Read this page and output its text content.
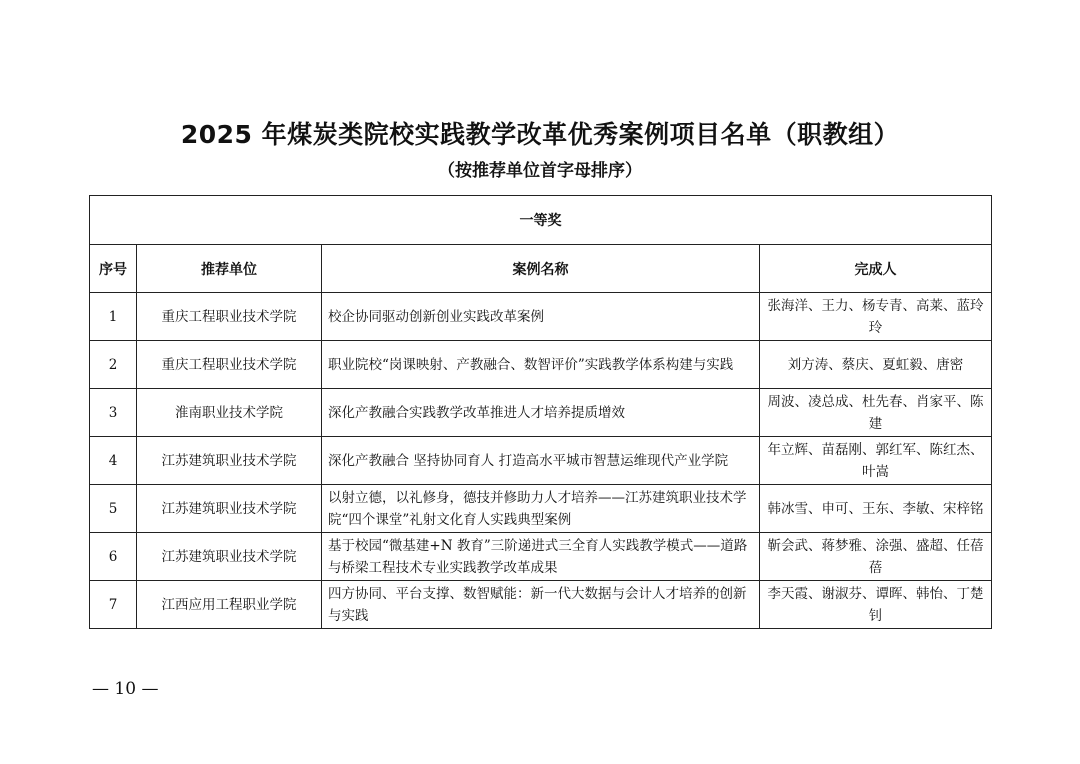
2025 年煤炭类院校实践教学改革优秀案例项目名单（职教组）
（按推荐单位首字母排序）
一等奖			
序号	推荐单位	案例名称	完成人
1	重庆工程职业技术学院	校企协同驱动创新创业实践改革案例	张海洋、王力、杨专青、高莱、蓝玲玲
2	重庆工程职业技术学院	职业院校“岗课映射、产教融合、数智评价”实践教学体系构建与实践	刘方涛、蔡庆、夏虹毅、唐密
3	淮南职业技术学院	深化产教融合实践教学改革推进人才培养提质增效	周波、凌总成、杜先春、肖家平、陈建
4	江苏建筑职业技术学院	深化产教融合 坚持协同育人 打造高水平城市智慧运维现代产业学院	年立辉、苗磊刚、郭红军、陈红杰、叶嵩
5	江苏建筑职业技术学院	以射立德，以礼修身，德技并修助力人才培养——江苏建筑职业技术学院“四个课堂”礼射文化育人实践典型案例	韩冰雪、申可、王东、李敏、宋梓铭
6	江苏建筑职业技术学院	基于校园“微基建+N 教育”三阶递进式三全育人实践教学模式——道路与桥梁工程技术专业实践教学改革成果	靳会武、蒋梦雅、涂强、盛超、任蓓蓓
7	江西应用工程职业学院	四方协同、平台支撑、数智赋能：新一代大数据与会计人才培养的创新与实践	李天霞、谢淑芬、谭晖、韩怡、丁楚钊
— 10 —
